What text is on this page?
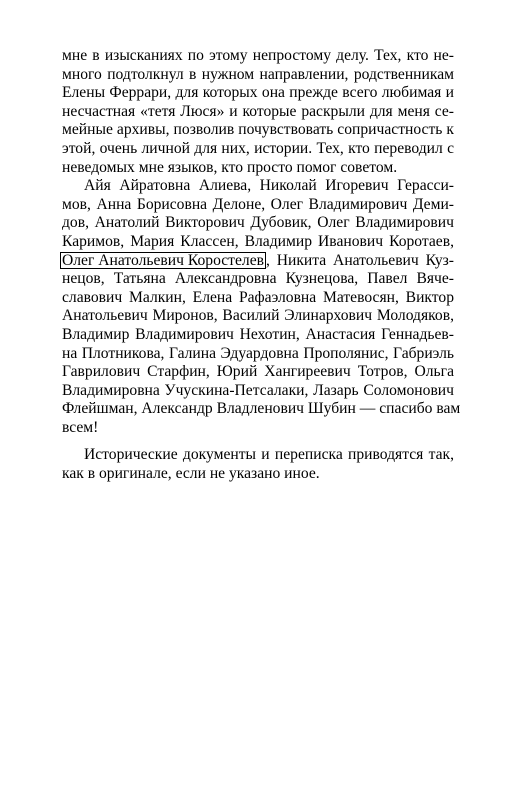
мне в изысканиях по этому непростому делу. Тех, кто не-
много подтолкнул в нужном направлении, родственникам
Елены Феррари, для которых она прежде всего любимая и
несчастная «тетя Люся» и которые раскрыли для меня се-
мейные архивы, позволив почувствовать сопричастность к
этой, очень личной для них, истории. Тех, кто переводил с
неведомых мне языков, кто просто помог советом.
Айя Айратовна Алиева, Николай Игоревич Герасси-
мов, Анна Борисовна Делоне, Олег Владимирович Деми-
дов, Анатолий Викторович Дубовик, Олег Владимирович
Каримов, Мария Классен, Владимир Иванович Коротаев,
Олег Анатольевич Коростелев , Никита Анатольевич Куз-
нецов, Татьяна Александровна Кузнецова, Павел Вяче-
славович Малкин, Елена Рафаэловна Матевосян, Виктор
Анатольевич Миронов, Василий Элинархович Молодяков,
Владимир Владимирович Нехотин, Анастасия Геннадьев-
на Плотникова, Галина Эдуардовна Прополянис, Габриэль
Гаврилович Старфин, Юрий Хангиреевич Тотров, Ольга
Владимировна Учускина-Петсалаки, Лазарь Соломонович
Флейшман, Александр Владленович Шубин — спасибо вам
всем!
Исторические документы и переписка приводятся так,
как в оригинале, если не указано иное.
